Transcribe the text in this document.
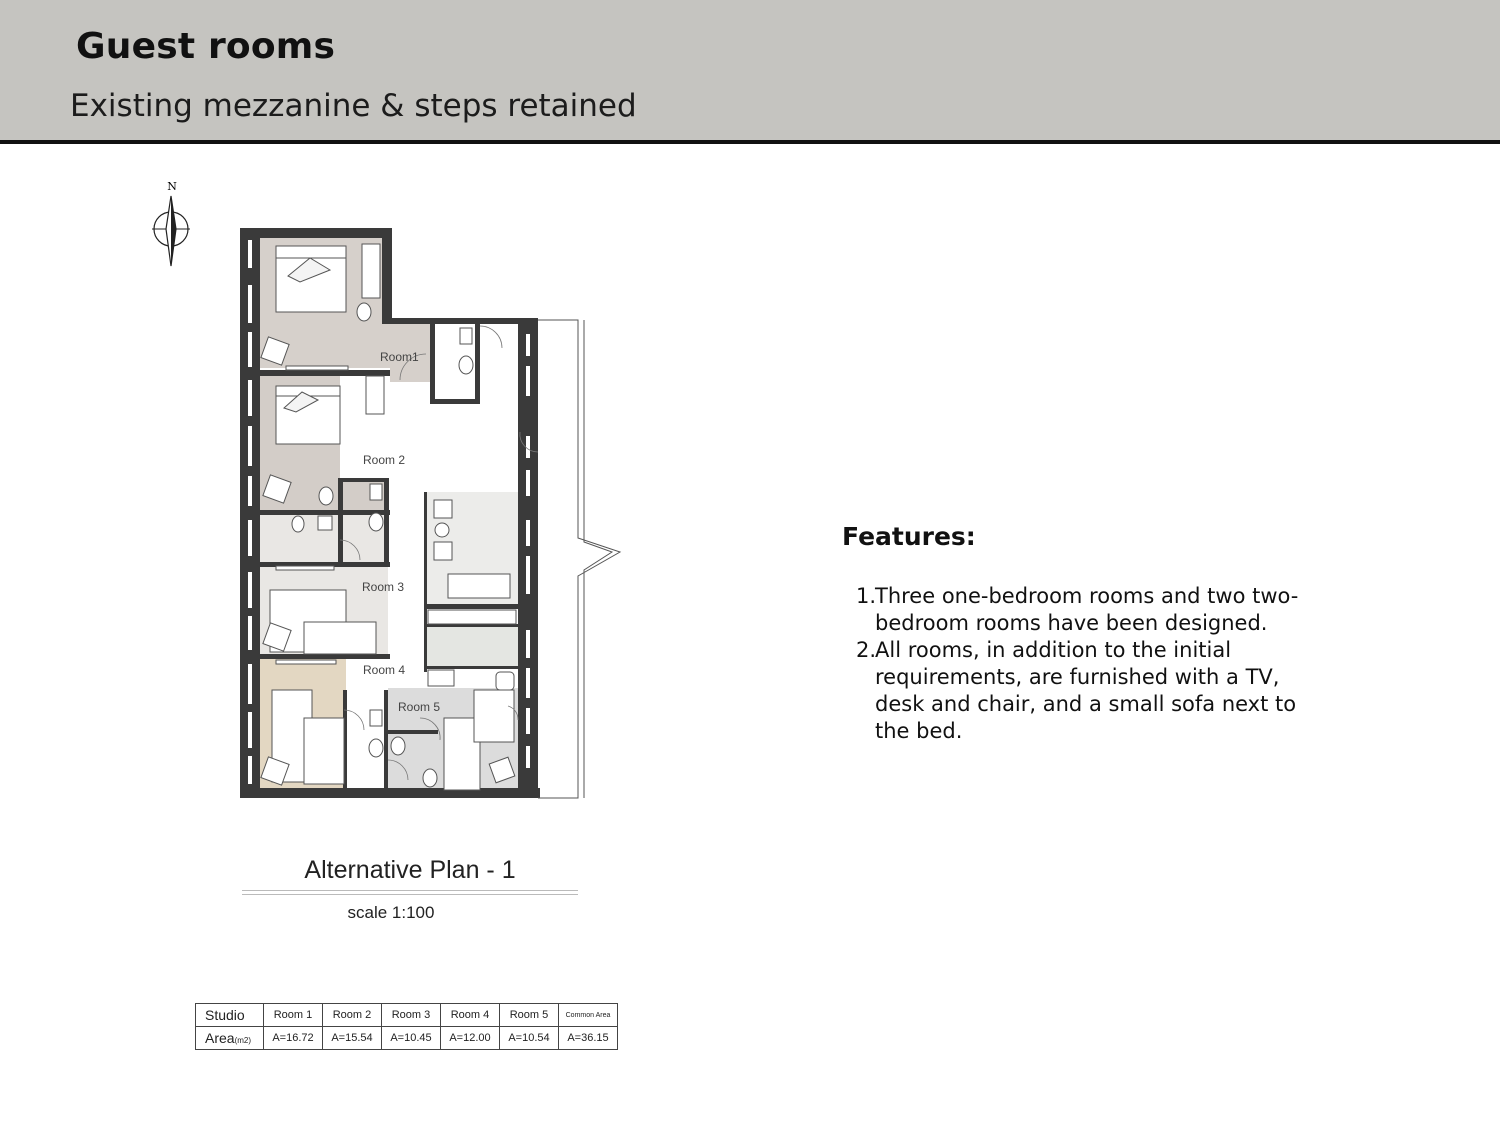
Guest rooms
Existing mezzanine & steps retained
N
Room1
Room 2
Room 3
Room 4
Room 5
Alternative Plan - 1
scale 1:100
Studio	Room 1	Room 2	Room 3	Room 4	Room 5	Common Area
Area(m2)	A=16.72	A=15.54	A=10.45	A=12.00	A=10.54	A=36.15
Features:
1.
Three one-bedroom rooms and two two-bedroom rooms have been designed.
2.
All rooms, in addition to the initial requirements, are furnished with a TV, desk and chair, and a small sofa next to the bed.
